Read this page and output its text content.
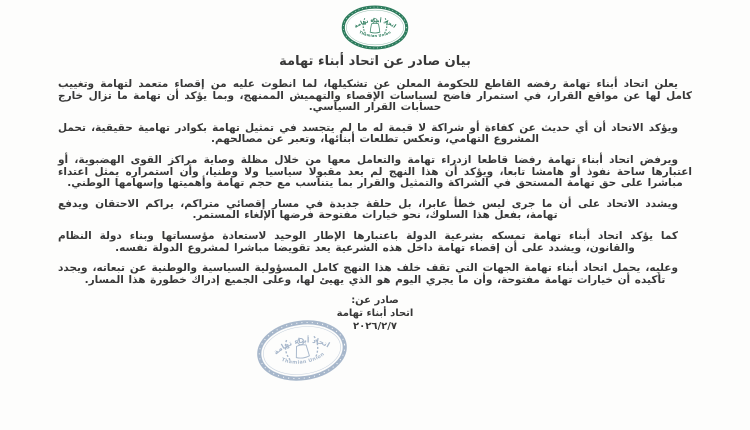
اتحاد أبناء تهامة
Thamian Union
بيان صادر عن اتحاد أبناء تهامة

يعلن اتحاد أبناء تهامة رفضه القاطع للحكومة المعلن عن تشكيلها، لما انطوت عليه من إقصاء متعمد لتهامة وتغييب كامل لها عن مواقع القرار، في استمرار فاضح لسياسات الإقصاء والتهميش الممنهج، وبما يؤكد أن تهامة ما تزال خارج حسابات القرار السياسي.

ويؤكد الاتحاد أن أي حديث عن كفاءة أو شراكة لا قيمة له ما لم يتجسد في تمثيل تهامة بكوادر تهامية حقيقية، تحمل المشروع التهامي، وتعكس تطلعات أبنائها، وتعبر عن مصالحهم.

ويرفض اتحاد أبناء تهامة رفضا قاطعا ازدراء تهامة والتعامل معها من خلال مظلة وصاية مراكز القوى الهضبوية، أو اعتبارها ساحة نفوذ أو هامشا تابعا، ويؤكد أن هذا النهج لم يعد مقبولا سياسيا ولا وطنيا، وأن استمراره يمثل اعتداء مباشرا على حق تهامة المستحق في الشراكة والتمثيل والقرار بما يتناسب مع حجم تهامة وأهميتها وإسهامها الوطني.

ويشدد الاتحاد على أن ما جرى ليس خطأ عابرا، بل حلقة جديدة في مسار إقصائي متراكم، يراكم الاحتقان ويدفع تهامة، بفعل هذا السلوك، نحو خيارات مفتوحة فرضها الإلغاء المستمر.

كما يؤكد اتحاد أبناء تهامة تمسكه بشرعية الدولة باعتبارها الإطار الوحيد لاستعادة مؤسساتها وبناء دولة النظام والقانون، ويشدد على أن إقصاء تهامة داخل هذه الشرعية يعد تقويضا مباشرا لمشروع الدولة نفسه.

وعليه، يحمل اتحاد أبناء تهامة الجهات التي تقف خلف هذا النهج كامل المسؤولية السياسية والوطنية عن تبعاته، ويجدد تأكيده أن خيارات تهامة مفتوحة، وأن ما يجري اليوم هو الذي يهيئ لها، وعلى الجميع إدراك خطورة هذا المسار.

صادر عن:
اتحاد أبناء تهامة
٢٠٢٦/٢/٧
اتحاد أبناء تهامة
Thamian Union
